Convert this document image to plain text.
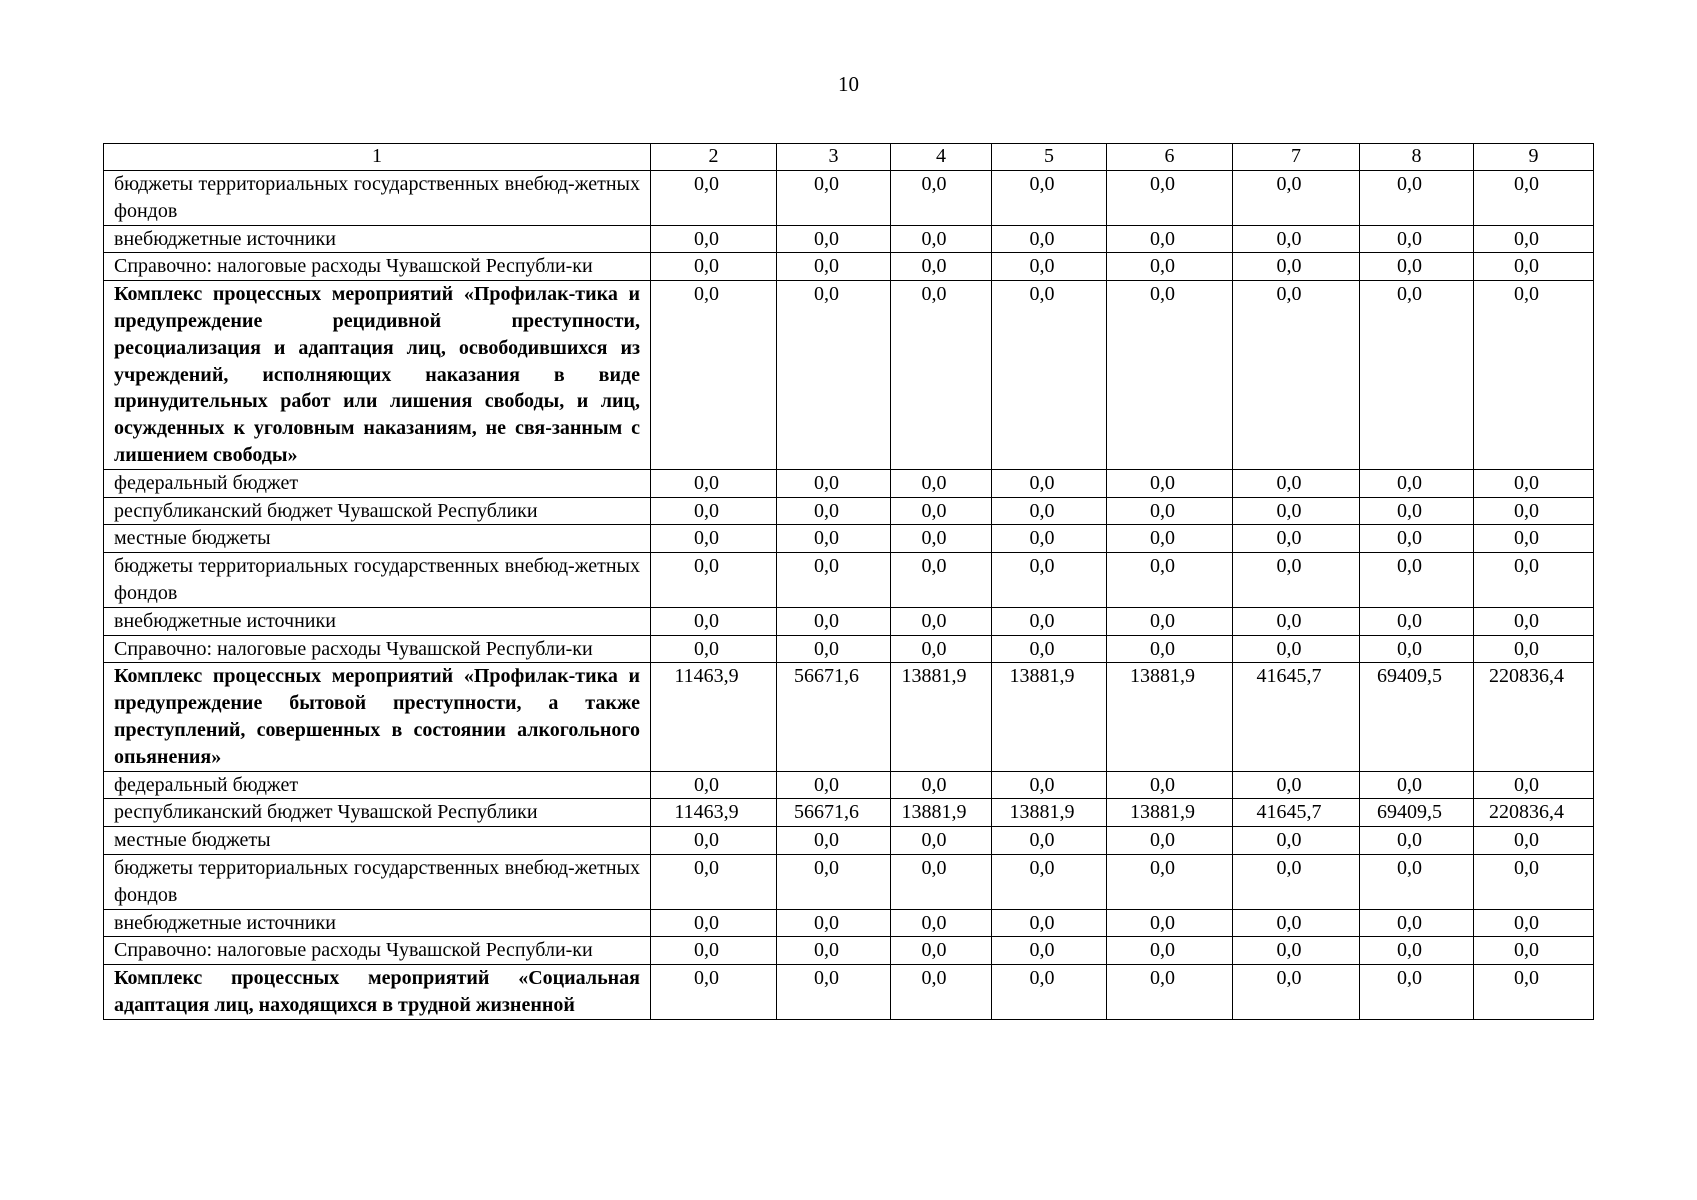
10
1	2	3	4	5	6	7	8	9
бюджеты территориальных государственных внебюд-жетных фондов	0,0	0,0	0,0	0,0	0,0	0,0	0,0	0,0
внебюджетные источники	0,0	0,0	0,0	0,0	0,0	0,0	0,0	0,0
Справочно: налоговые расходы Чувашской Республи-ки	0,0	0,0	0,0	0,0	0,0	0,0	0,0	0,0
Комплекс процессных мероприятий «Профилак-тика и предупреждение рецидивной преступности, ресоциализация и адаптация лиц, освободившихся из учреждений, исполняющих наказания в виде принудительных работ или лишения свободы, и лиц, осужденных к уголовным наказаниям, не свя-занным с лишением свободы»	0,0	0,0	0,0	0,0	0,0	0,0	0,0	0,0
федеральный бюджет	0,0	0,0	0,0	0,0	0,0	0,0	0,0	0,0
республиканский бюджет Чувашской Республики	0,0	0,0	0,0	0,0	0,0	0,0	0,0	0,0
местные бюджеты	0,0	0,0	0,0	0,0	0,0	0,0	0,0	0,0
бюджеты территориальных государственных внебюд-жетных фондов	0,0	0,0	0,0	0,0	0,0	0,0	0,0	0,0
внебюджетные источники	0,0	0,0	0,0	0,0	0,0	0,0	0,0	0,0
Справочно: налоговые расходы Чувашской Республи-ки	0,0	0,0	0,0	0,0	0,0	0,0	0,0	0,0
Комплекс процессных мероприятий «Профилак-тика и предупреждение бытовой преступности, а также преступлений, совершенных в состоянии алкогольного опьянения»	11463,9	56671,6	13881,9	13881,9	13881,9	41645,7	69409,5	220836,4
федеральный бюджет	0,0	0,0	0,0	0,0	0,0	0,0	0,0	0,0
республиканский бюджет Чувашской Республики	11463,9	56671,6	13881,9	13881,9	13881,9	41645,7	69409,5	220836,4
местные бюджеты	0,0	0,0	0,0	0,0	0,0	0,0	0,0	0,0
бюджеты территориальных государственных внебюд-жетных фондов	0,0	0,0	0,0	0,0	0,0	0,0	0,0	0,0
внебюджетные источники	0,0	0,0	0,0	0,0	0,0	0,0	0,0	0,0
Справочно: налоговые расходы Чувашской Республи-ки	0,0	0,0	0,0	0,0	0,0	0,0	0,0	0,0
Комплекс процессных мероприятий «Социальная адаптация лиц, находящихся в трудной жизненной	0,0	0,0	0,0	0,0	0,0	0,0	0,0	0,0
